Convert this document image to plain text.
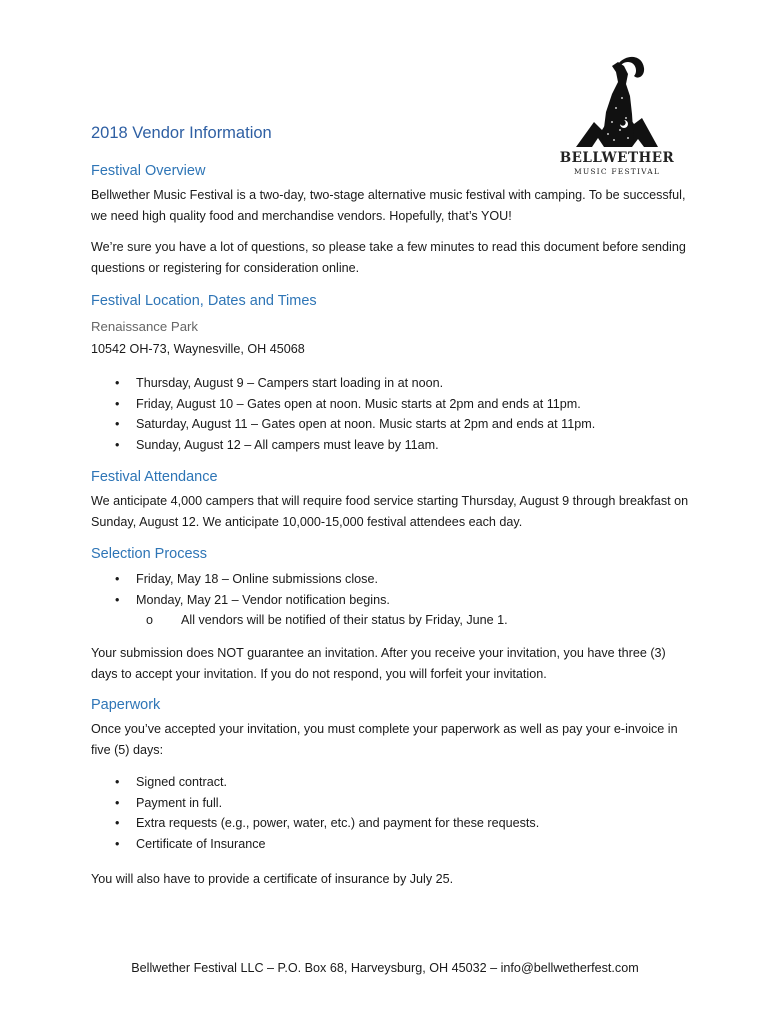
BELLWETHER
MUSIC FESTIVAL
2018 Vendor Information
Festival Overview
Bellwether Music Festival is a two-day, two-stage alternative music festival with camping. To be successful, we need high quality food and merchandise vendors. Hopefully, that’s YOU!
We’re sure you have a lot of questions, so please take a few minutes to read this document before sending questions or registering for consideration online.
Festival Location, Dates and Times
Renaissance Park
10542 OH-73, Waynesville, OH 45068
• Thursday, August 9 – Campers start loading in at noon.
• Friday, August 10 – Gates open at noon. Music starts at 2pm and ends at 11pm.
• Saturday, August 11 – Gates open at noon. Music starts at 2pm and ends at 11pm.
• Sunday, August 12 – All campers must leave by 11am.
Festival Attendance
We anticipate 4,000 campers that will require food service starting Thursday, August 9 through breakfast on Sunday, August 12. We anticipate 10,000-15,000 festival attendees each day.
Selection Process
• Friday, May 18 – Online submissions close.
• Monday, May 21 – Vendor notification begins.
o All vendors will be notified of their status by Friday, June 1.
Your submission does NOT guarantee an invitation. After you receive your invitation, you have three (3) days to accept your invitation. If you do not respond, you will forfeit your invitation.
Paperwork
Once you’ve accepted your invitation, you must complete your paperwork as well as pay your e-invoice in five (5) days:
• Signed contract.
• Payment in full.
• Extra requests (e.g., power, water, etc.) and payment for these requests.
• Certificate of Insurance
You will also have to provide a certificate of insurance by July 25.
Bellwether Festival LLC – P.O. Box 68, Harveysburg, OH 45032 – info@bellwetherfest.com
